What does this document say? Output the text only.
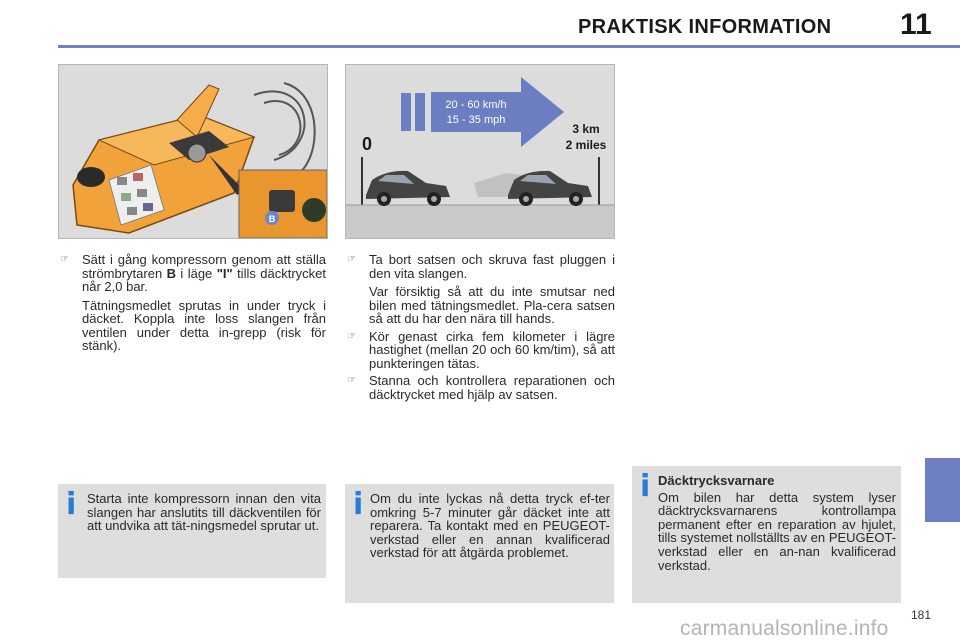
PRAKTISK INFORMATION 11
B
20 - 60 km/h
15 - 35 mph
0
3 km
2 miles
☞ Sätt i gång kompressorn genom att ställa strömbrytaren B i läge "I" tills däcktrycket når 2,0 bar.

Tätningsmedlet sprutas in under tryck i däcket. Koppla inte loss slangen från ventilen under detta in-grepp (risk för stänk).

☞ Ta bort satsen och skruva fast pluggen i den vita slangen.

Var försiktig så att du inte smutsar ned bilen med tätningsmedlet. Pla-cera satsen så att du har den nära till hands.

☞ Kör genast cirka fem kilometer i lägre hastighet (mellan 20 och 60 km/tim), så att punkteringen tätas.

☞ Stanna och kontrollera reparationen och däcktrycket med hjälp av satsen.

i Starta inte kompressorn innan den vita slangen har anslutits till däckventilen för att undvika att tät-ningsmedel sprutar ut.
i Om du inte lyckas nå detta tryck ef-ter omkring 5-7 minuter går däcket inte att reparera. Ta kontakt med en PEUGEOT-verkstad eller en annan kvalificerad verkstad för att åtgärda problemet.
i Däcktrycksvarnare
Om bilen har detta system lyser däcktrycksvarnarens kontrollampa permanent efter en reparation av hjulet, tills systemet nollställts av en PEUGEOT-verkstad eller en an-nan kvalificerad verkstad.
181
carmanualsonline.info
